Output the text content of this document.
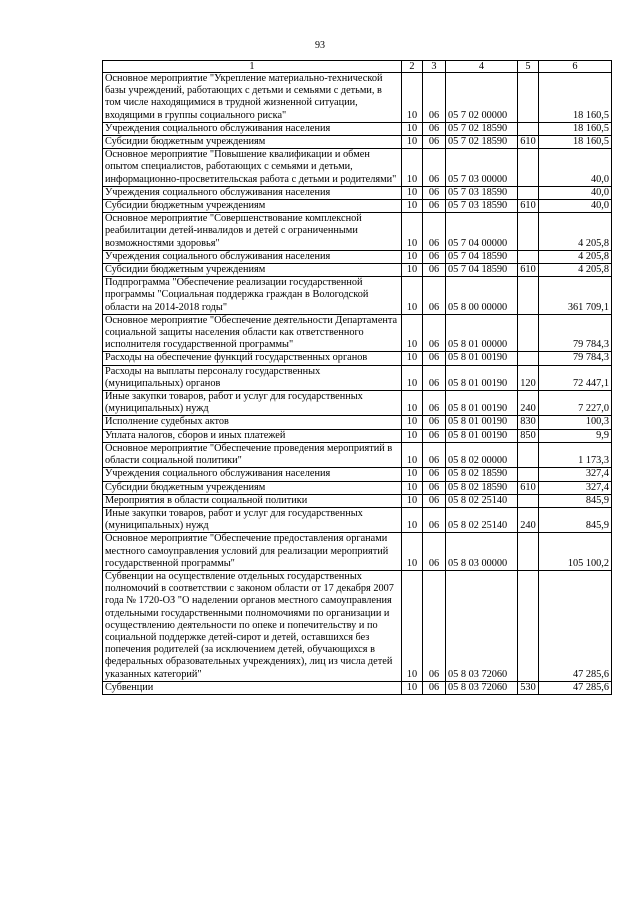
93
1	2	3	4	5	6
Основное мероприятие "Укрепление материально-технической базы учреждений, работающих с детьми и семьями с детьми, в том числе находящимися в трудной жизненной ситуации, входящими в группы социального риска"	10	06	05 7 02 00000		18 160,5
Учреждения социального обслуживания населения	10	06	05 7 02 18590		18 160,5
Субсидии бюджетным учреждениям	10	06	05 7 02 18590	610	18 160,5
Основное мероприятие "Повышение квалификации и обмен опытом специалистов, работающих с семьями и детьми, информационно-просветительская работа с детьми и родителями"	10	06	05 7 03 00000		40,0
Учреждения социального обслуживания населения	10	06	05 7 03 18590		40,0
Субсидии бюджетным учреждениям	10	06	05 7 03 18590	610	40,0
Основное мероприятие "Совершенствование комплексной реабилитации детей-инвалидов и детей с ограниченными возможностями здоровья"	10	06	05 7 04 00000		4 205,8
Учреждения социального обслуживания населения	10	06	05 7 04 18590		4 205,8
Субсидии бюджетным учреждениям	10	06	05 7 04 18590	610	4 205,8
Подпрограмма "Обеспечение реализации государственной программы "Социальная поддержка граждан в Вологодской области на 2014-2018 годы"	10	06	05 8 00 00000		361 709,1
Основное мероприятие "Обеспечение деятельности Департамента социальной защиты населения области как ответственного исполнителя государственной программы"	10	06	05 8 01 00000		79 784,3
Расходы на обеспечение функций государственных органов	10	06	05 8 01 00190		79 784,3
Расходы на выплаты персоналу государственных (муниципальных) органов	10	06	05 8 01 00190	120	72 447,1
Иные закупки товаров, работ и услуг для государственных (муниципальных) нужд	10	06	05 8 01 00190	240	7 227,0
Исполнение судебных актов	10	06	05 8 01 00190	830	100,3
Уплата налогов, сборов и иных платежей	10	06	05 8 01 00190	850	9,9
Основное мероприятие "Обеспечение проведения мероприятий в области социальной политики"	10	06	05 8 02 00000		1 173,3
Учреждения социального обслуживания населения	10	06	05 8 02 18590		327,4
Субсидии бюджетным учреждениям	10	06	05 8 02 18590	610	327,4
Мероприятия в области социальной политики	10	06	05 8 02 25140		845,9
Иные закупки товаров, работ и услуг для государственных (муниципальных) нужд	10	06	05 8 02 25140	240	845,9
Основное мероприятие "Обеспечение предоставления органами местного самоуправления условий для реализации мероприятий государственной программы"	10	06	05 8 03 00000		105 100,2
Субвенции на осуществление отдельных государственных полномочий в соответствии с законом области от 17 декабря 2007 года № 1720-ОЗ "О наделении органов местного самоуправления отдельными государственными полномочиями по организации и осуществлению деятельности по опеке и попечительству и по социальной поддержке детей-сирот и детей, оставшихся без попечения родителей (за исключением детей, обучающихся в федеральных образовательных учреждениях), лиц из числа детей указанных категорий"	10	06	05 8 03 72060		47 285,6
Субвенции	10	06	05 8 03 72060	530	47 285,6
